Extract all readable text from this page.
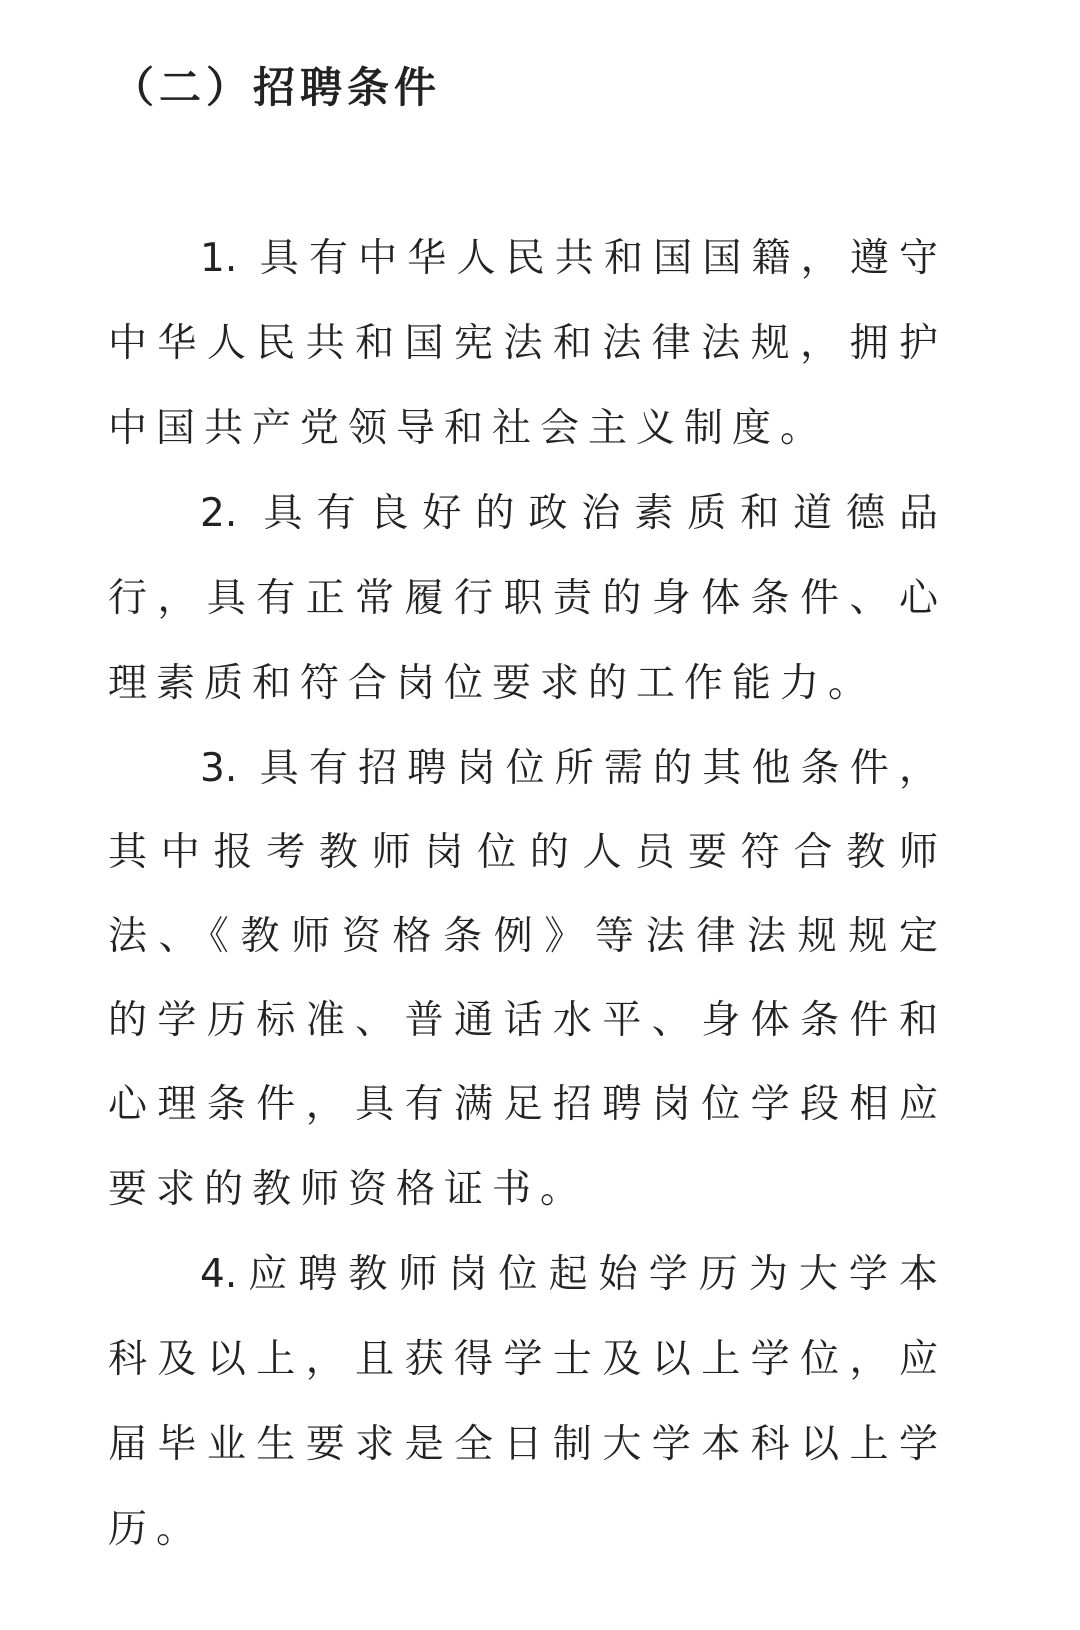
（二）招聘条件

1. 具有中华人民共和国国籍，遵守

中华人民共和国宪法和法律法规，拥护

中国共产党领导和社会主义制度。

2. 具有良好的政治素质和道德品

行，具有正常履行职责的身体条件、心

理素质和符合岗位要求的工作能力。

3. 具有招聘岗位所需的其他条件，

其中报考教师岗位的人员要符合教师

法、《教师资格条例》等法律法规规定

的学历标准、普通话水平、身体条件和

心理条件，具有满足招聘岗位学段相应

要求的教师资格证书。

4.应聘教师岗位起始学历为大学本

科及以上，且获得学士及以上学位，应

届毕业生要求是全日制大学本科以上学

历。
